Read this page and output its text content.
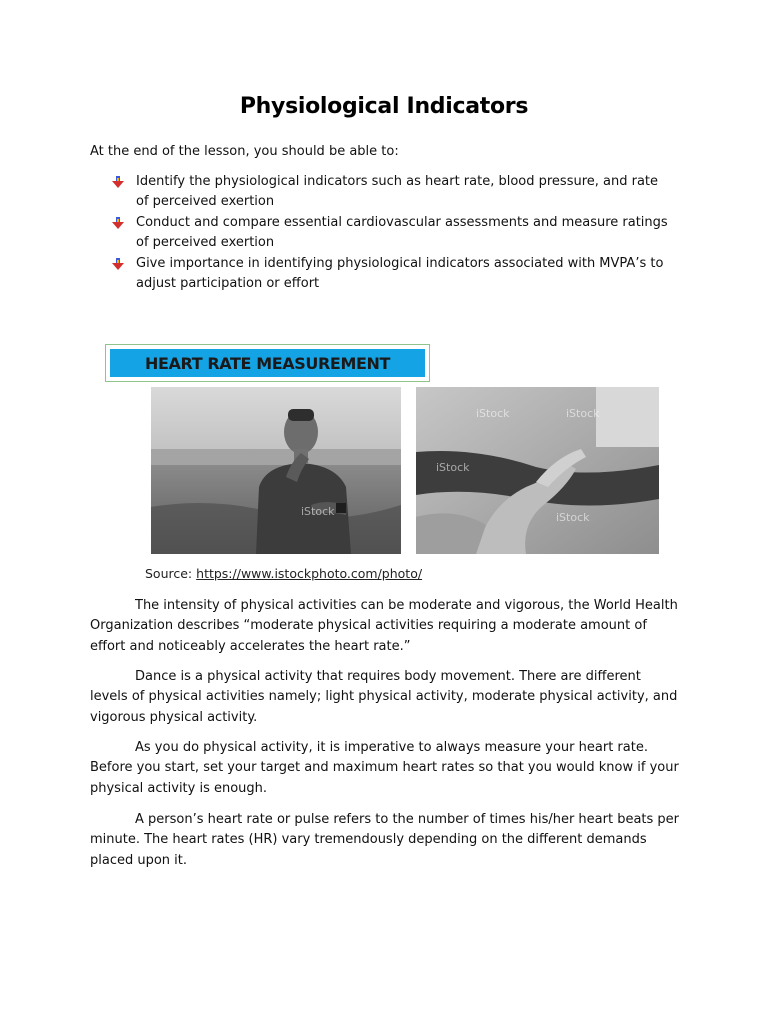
Physiological Indicators
At the end of the lesson, you should be able to:
Identify the physiological indicators such as heart rate, blood pressure, and rate of perceived exertion
Conduct and compare essential cardiovascular assessments and measure ratings of perceived exertion
Give importance in identifying physiological indicators associated with MVPA’s to adjust participation or effort
HEART RATE MEASUREMENT
iStock
iStock	iStock
iStock
iStock
Source: https://www.istockphoto.com/photo/

The intensity of physical activities can be moderate and vigorous, the World Health Organization describes “moderate physical activities requiring a moderate amount of effort and noticeably accelerates the heart rate.”

Dance is a physical activity that requires body movement. There are different levels of physical activities namely; light physical activity, moderate physical activity, and vigorous physical activity.

As you do physical activity, it is imperative to always measure your heart rate. Before you start, set your target and maximum heart rates so that you would know if your physical activity is enough.

A person’s heart rate or pulse refers to the number of times his/her heart beats per minute. The heart rates (HR) vary tremendously depending on the different demands placed upon it.
